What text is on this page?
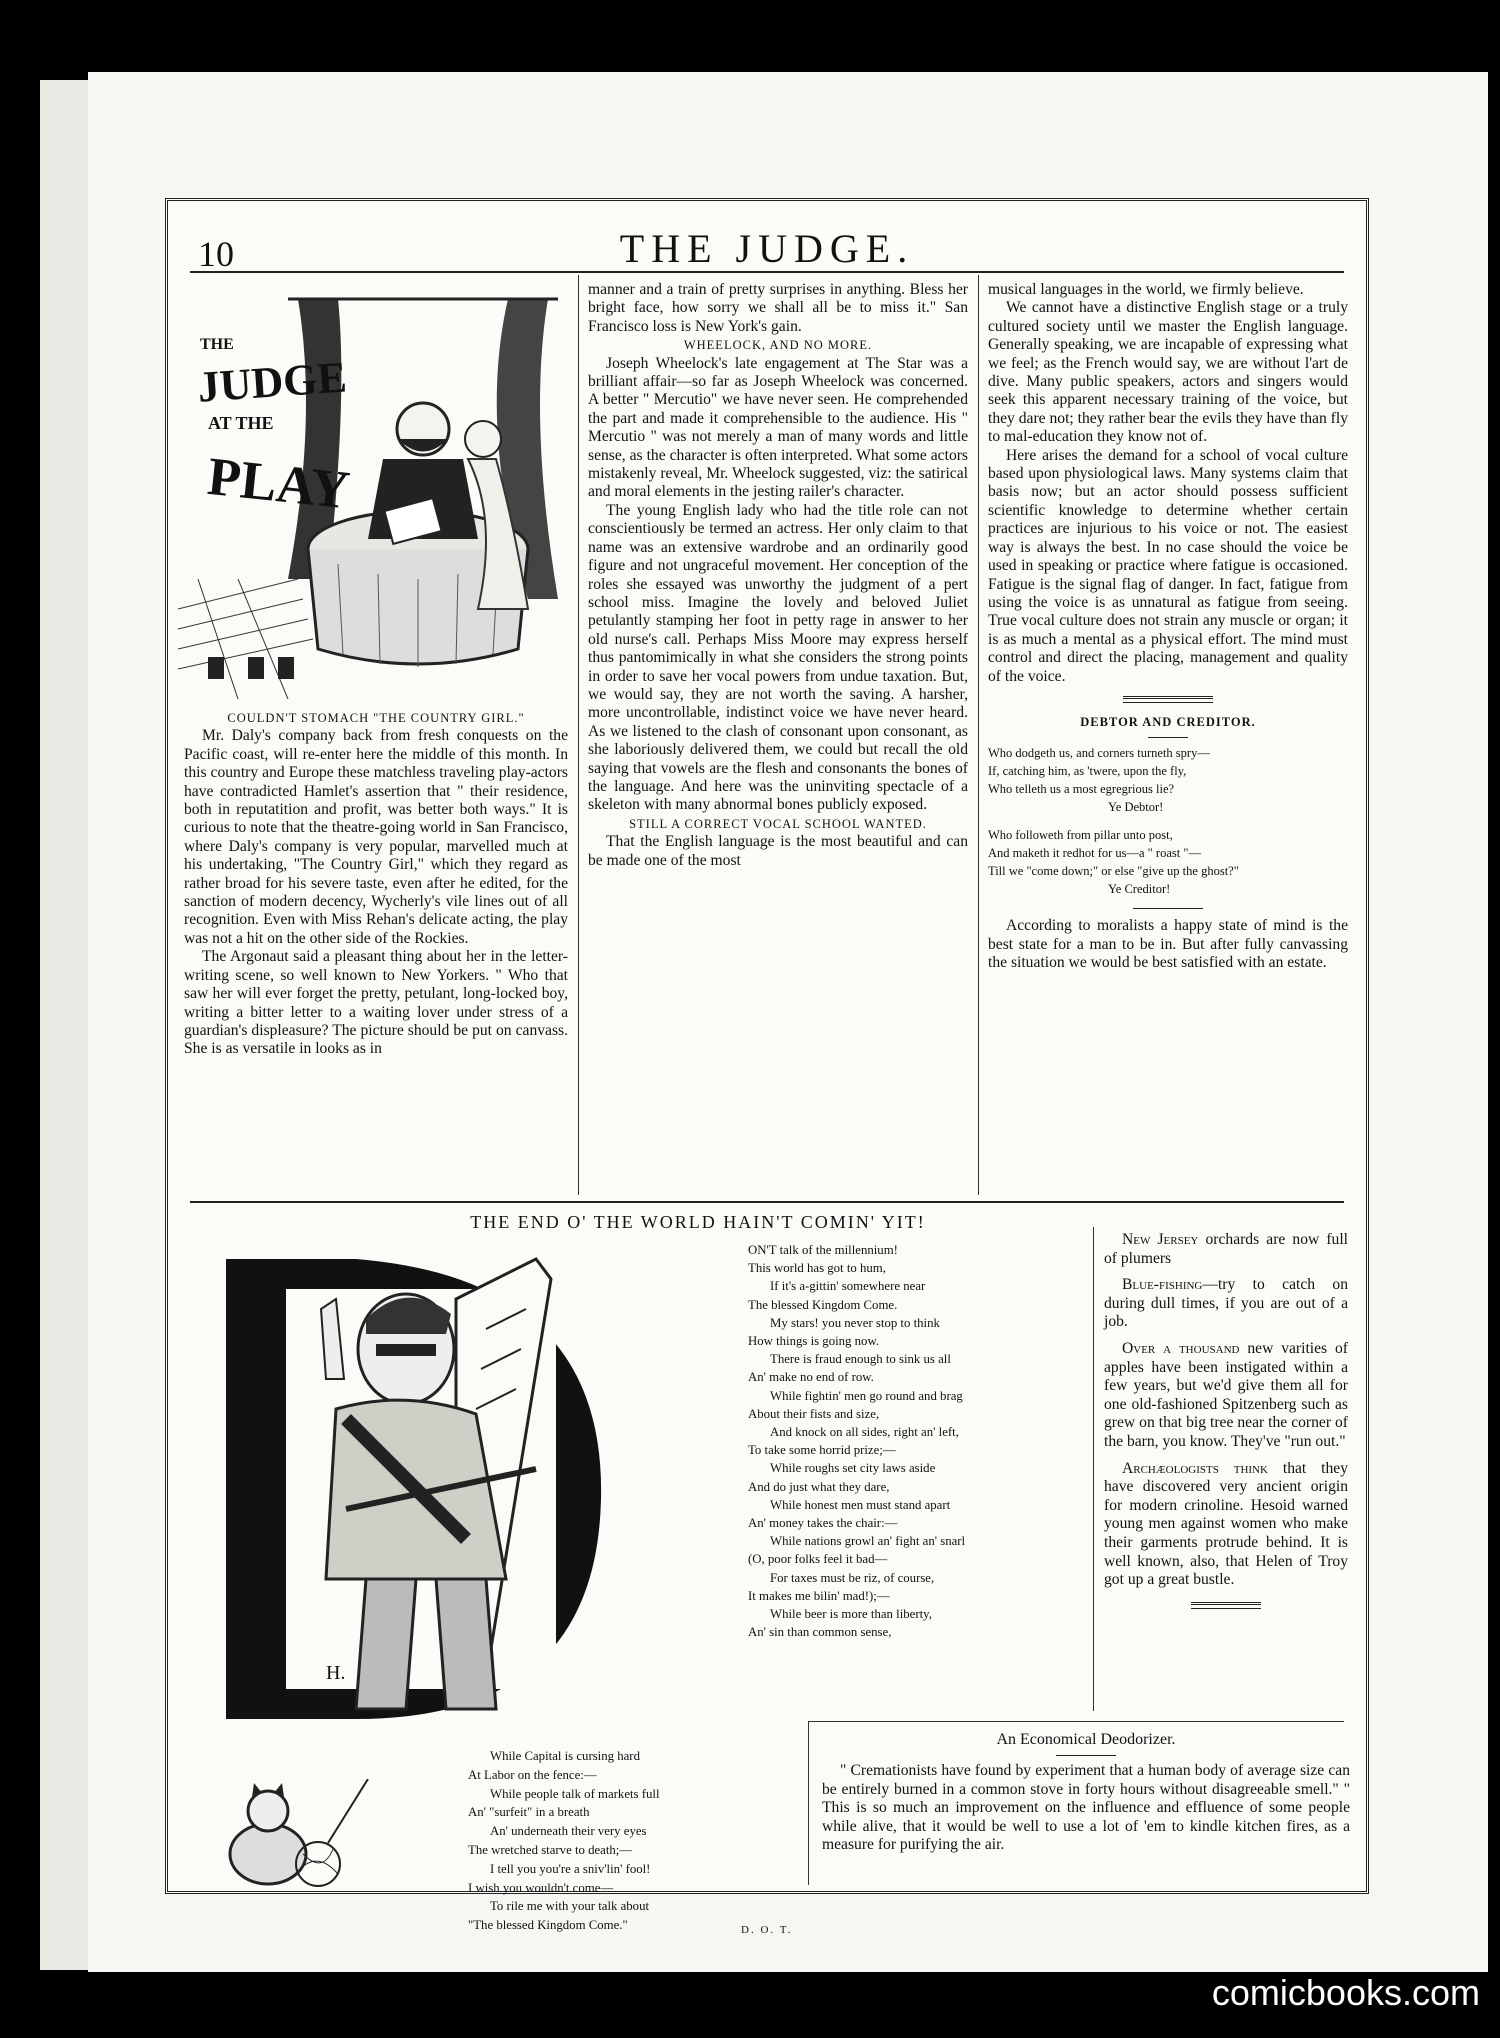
10	THE JUDGE.
JUDGE
AT THE
PLAY
THE

COULDN'T STOMACH "THE COUNTRY GIRL."

Mr. Daly's company back from fresh conquests on the Pacific coast, will re-enter here the middle of this month. In this country and Europe these matchless traveling play-actors have contradicted Hamlet's assertion that " their residence, both in reputatition and profit, was better both ways." It is curious to note that the theatre-going world in San Francisco, where Daly's company is very popular, marvelled much at his undertaking, "The Country Girl," which they regard as rather broad for his severe taste, even after he edited, for the sanction of modern decency, Wycherly's vile lines out of all recognition. Even with Miss Rehan's delicate acting, the play was not a hit on the other side of the Rockies.

The Argonaut said a pleasant thing about her in the letter-writing scene, so well known to New Yorkers. " Who that saw her will ever forget the pretty, petulant, long-locked boy, writing a bitter letter to a waiting lover under stress of a guardian's displeasure? The picture should be put on canvass. She is as versatile in looks as in

manner and a train of pretty surprises in anything. Bless her bright face, how sorry we shall all be to miss it." San Francisco loss is New York's gain.

WHEELOCK, AND NO MORE.

Joseph Wheelock's late engagement at The Star was a brilliant affair—so far as Joseph Wheelock was concerned. A better " Mercutio" we have never seen. He comprehended the part and made it comprehensible to the audience. His " Mercutio " was not merely a man of many words and little sense, as the character is often interpreted. What some actors mistakenly reveal, Mr. Wheelock suggested, viz: the satirical and moral elements in the jesting railer's character.

The young English lady who had the title role can not conscientiously be termed an actress. Her only claim to that name was an extensive wardrobe and an ordinarily good figure and not ungraceful movement. Her conception of the roles she essayed was unworthy the judgment of a pert school miss. Imagine the lovely and beloved Juliet petulantly stamping her foot in petty rage in answer to her old nurse's call. Perhaps Miss Moore may express herself thus pantomimically in what she considers the strong points in order to save her vocal powers from undue taxation. But, we would say, they are not worth the saving. A harsher, more uncontrollable, indistinct voice we have never heard. As we listened to the clash of consonant upon consonant, as she laboriously delivered them, we could but recall the old saying that vowels are the flesh and consonants the bones of the language. And here was the uninviting spectacle of a skeleton with many abnormal bones publicly exposed.

STILL A CORRECT VOCAL SCHOOL WANTED.

That the English language is the most beautiful and can be made one of the most

musical languages in the world, we firmly believe.

We cannot have a distinctive English stage or a truly cultured society until we master the English language. Generally speaking, we are incapable of expressing what we feel; as the French would say, we are without l'art de dive. Many public speakers, actors and singers would seek this apparent necessary training of the voice, but they dare not; they rather bear the evils they have than fly to mal-education they know not of.

Here arises the demand for a school of vocal culture based upon physiological laws. Many systems claim that basis now; but an actor should possess sufficient scientific knowledge to determine whether certain practices are injurious to his voice or not. The easiest way is always the best. In no case should the voice be used in speaking or practice where fatigue is occasioned. Fatigue is the signal flag of danger. In fact, fatigue from using the voice is as unnatural as fatigue from seeing. True vocal culture does not strain any muscle or organ; it is as much a mental as a physical effort. The mind must control and direct the placing, management and quality of the voice.

DEBTOR AND CREDITOR.

Who dodgeth us, and corners turneth spry—
If, catching him, as 'twere, upon the fly,
Who telleth us a most egregrious lie?
Ye Debtor!
Who followeth from pillar unto post,
And maketh it redhot for us—a " roast "—
Till we "come down;" or else "give up the ghost?"
Ye Creditor!

According to moralists a happy state of mind is the best state for a man to be in. But after fully canvassing the situation we would be best satisfied with an estate.

THE END O' THE WORLD HAIN'T COMIN' YIT!
H.
ON'T talk of the millennium!
This world has got to hum,
If it's a-gittin' somewhere near
The blessed Kingdom Come.
My stars! you never stop to think
How things is going now.
There is fraud enough to sink us all
An' make no end of row.
While fightin' men go round and brag
About their fists and size,
And knock on all sides, right an' left,
To take some horrid prize;—
While roughs set city laws aside
And do just what they dare,
While honest men must stand apart
An' money takes the chair:—
While nations growl an' fight an' snarl
(O, poor folks feel it bad—
For taxes must be riz, of course,
It makes me bilin' mad!);—
While beer is more than liberty,
An' sin than common sense,
While Capital is cursing hard
At Labor on the fence:—
While people talk of markets full
An' "surfeit" in a breath
An' underneath their very eyes
The wretched starve to death;—
I tell you you're a sniv'lin' fool!
I wish you wouldn't come—
To rile me with your talk about
"The blessed Kingdom Come."	D. O. T.

New Jersey orchards are now full of plumers

Blue-fishing—try to catch on during dull times, if you are out of a job.

Over a thousand new varities of apples have been instigated within a few years, but we'd give them all for one old-fashioned Spitzenberg such as grew on that big tree near the corner of the barn, you know. They've "run out."

Archæologists think that they have discovered very ancient origin for modern crinoline. Hesoid warned young men against women who make their garments protrude behind. It is well known, also, that Helen of Troy got up a great bustle.

An Economical Deodorizer.

" Cremationists have found by experiment that a human body of average size can be entirely burned in a common stove in forty hours without disagreeable smell." " This is so much an improvement on the influence and effluence of some people while alive, that it would be well to use a lot of 'em to kindle kitchen fires, as a measure for purifying the air.

comicbooks.com
